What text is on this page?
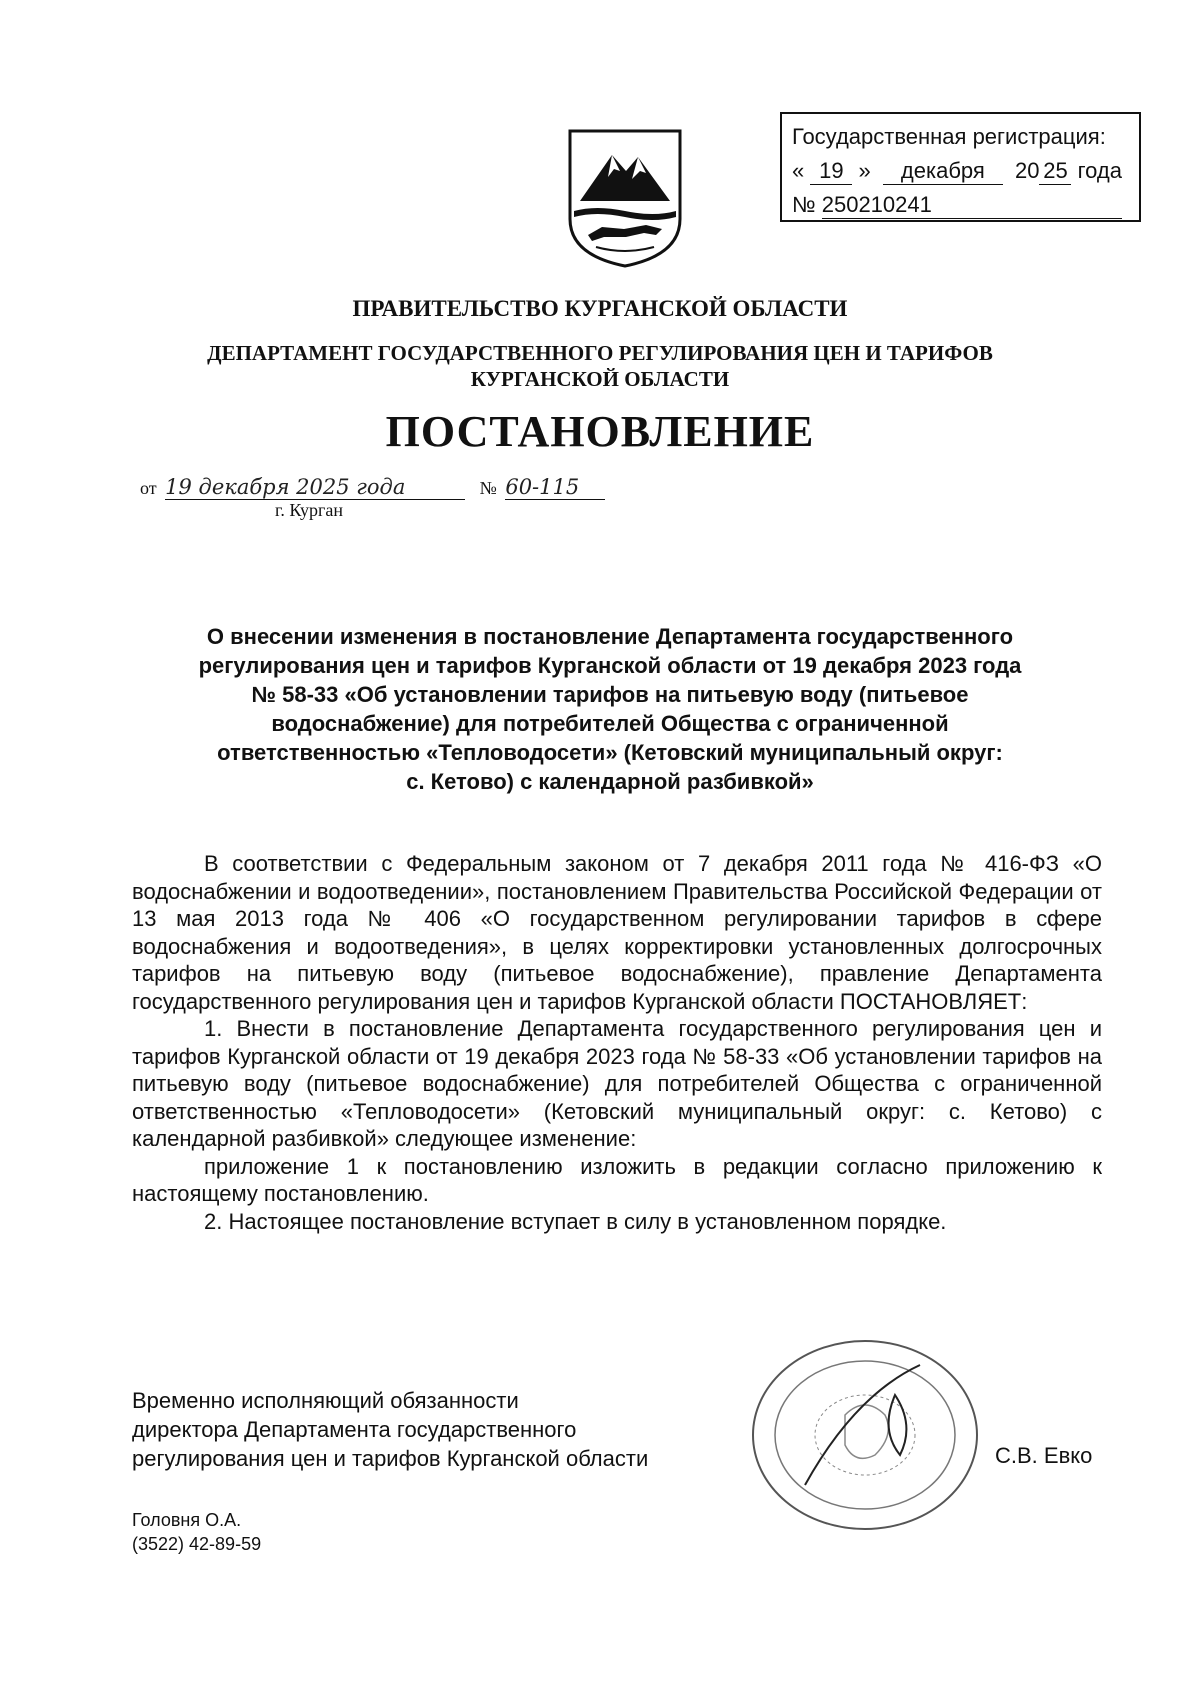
Государственная регистрация:
« 19 » декабря 20 25 года
№ 250210241
ПРАВИТЕЛЬСТВО КУРГАНСКОЙ ОБЛАСТИ
ДЕПАРТАМЕНТ ГОСУДАРСТВЕННОГО РЕГУЛИРОВАНИЯ ЦЕН И ТАРИФОВ
КУРГАНСКОЙ ОБЛАСТИ
ПОСТАНОВЛЕНИЕ
от 19 декабря 2025 года	№ 60-115
г. Курган
О внесении изменения в постановление Департамента государственного
регулирования цен и тарифов Курганской области от 19 декабря 2023 года
№ 58-33 «Об установлении тарифов на питьевую воду (питьевое
водоснабжение) для потребителей Общества с ограниченной
ответственностью «Тепловодосети» (Кетовский муниципальный округ:
с. Кетово) с календарной разбивкой»

В соответствии с Федеральным законом от 7 декабря 2011 года № 416-ФЗ «О водоснабжении и водоотведении», постановлением Правительства Российской Федерации от 13 мая 2013 года № 406 «О государственном регулировании тарифов в сфере водоснабжения и водоотведения», в целях корректировки установленных долгосрочных тарифов на питьевую воду (питьевое водоснабжение), правление Департамента государственного регулирования цен и тарифов Курганской области ПОСТАНОВЛЯЕТ:

1. Внести в постановление Департамента государственного регулирования цен и тарифов Курганской области от 19 декабря 2023 года № 58-33 «Об установлении тарифов на питьевую воду (питьевое водоснабжение) для потребителей Общества с ограниченной ответственностью «Тепловодосети» (Кетовский муниципальный округ: с. Кетово) с календарной разбивкой» следующее изменение:

приложение 1 к постановлению изложить в редакции согласно приложению к настоящему постановлению.

2. Настоящее постановление вступает в силу в установленном порядке.

Временно исполняющий обязанности
директора Департамента государственного
регулирования цен и тарифов Курганской области	С.В. Евко
Головня О.А.
(3522) 42-89-59
